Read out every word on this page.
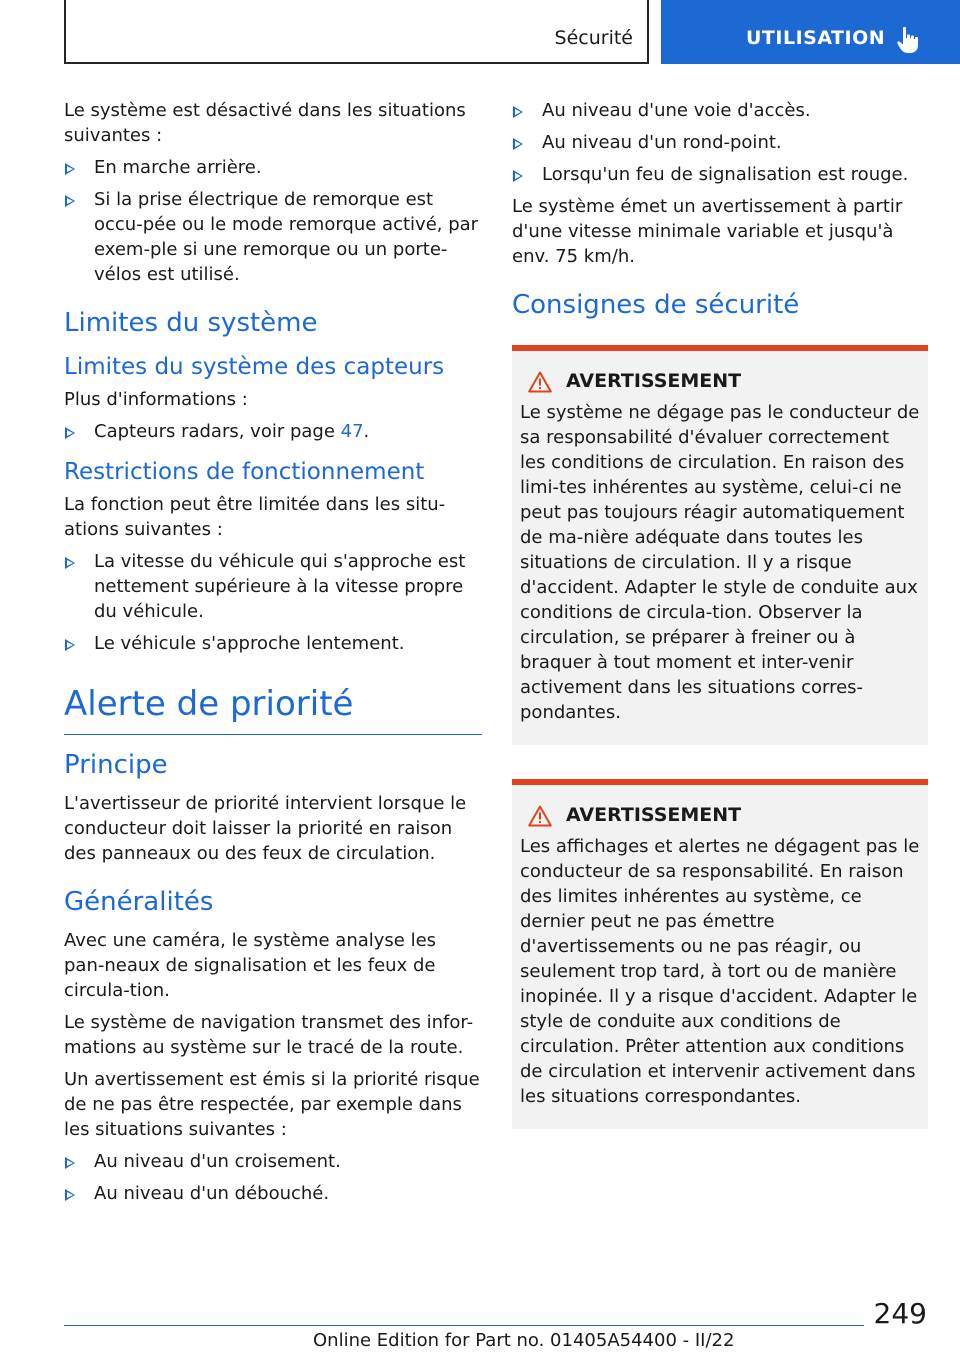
Sécurité	UTILISATION

Le système est désactivé dans les situations suivantes :

En marche arrière.
Si la prise électrique de remorque est occu-pée ou le mode remorque activé, par exem-ple si une remorque ou un porte-vélos est utilisé.
Limites du système
Limites du système des capteurs

Plus d'informations :

Capteurs radars, voir page 47.
Restrictions de fonctionnement

La fonction peut être limitée dans les situ-ations suivantes :

La vitesse du véhicule qui s'approche est nettement supérieure à la vitesse propre du véhicule.
Le véhicule s'approche lentement.
Alerte de priorité
Principe

L'avertisseur de priorité intervient lorsque le conducteur doit laisser la priorité en raison des panneaux ou des feux de circulation.

Généralités

Avec une caméra, le système analyse les pan-neaux de signalisation et les feux de circula-tion.

Le système de navigation transmet des infor-mations au système sur le tracé de la route.

Un avertissement est émis si la priorité risque de ne pas être respectée, par exemple dans les situations suivantes :

Au niveau d'un croisement.
Au niveau d'un débouché.
Au niveau d'une voie d'accès.
Au niveau d'un rond-point.
Lorsqu'un feu de signalisation est rouge.

Le système émet un avertissement à partir d'une vitesse minimale variable et jusqu'à env. 75 km/h.

Consignes de sécurité
AVERTISSEMENT

Le système ne dégage pas le conducteur de sa responsabilité d'évaluer correctement les conditions de circulation. En raison des limi-tes inhérentes au système, celui-ci ne peut pas toujours réagir automatiquement de ma-nière adéquate dans toutes les situations de circulation. Il y a risque d'accident. Adapter le style de conduite aux conditions de circula-tion. Observer la circulation, se préparer à freiner ou à braquer à tout moment et inter-venir activement dans les situations corres-pondantes.

AVERTISSEMENT

Les affichages et alertes ne dégagent pas le conducteur de sa responsabilité. En raison des limites inhérentes au système, ce dernier peut ne pas émettre d'avertissements ou ne pas réagir, ou seulement trop tard, à tort ou de manière inopinée. Il y a risque d'accident. Adapter le style de conduite aux conditions de circulation. Prêter attention aux conditions de circulation et intervenir activement dans les situations correspondantes.

249
Online Edition for Part no. 01405A54400 - II/22
